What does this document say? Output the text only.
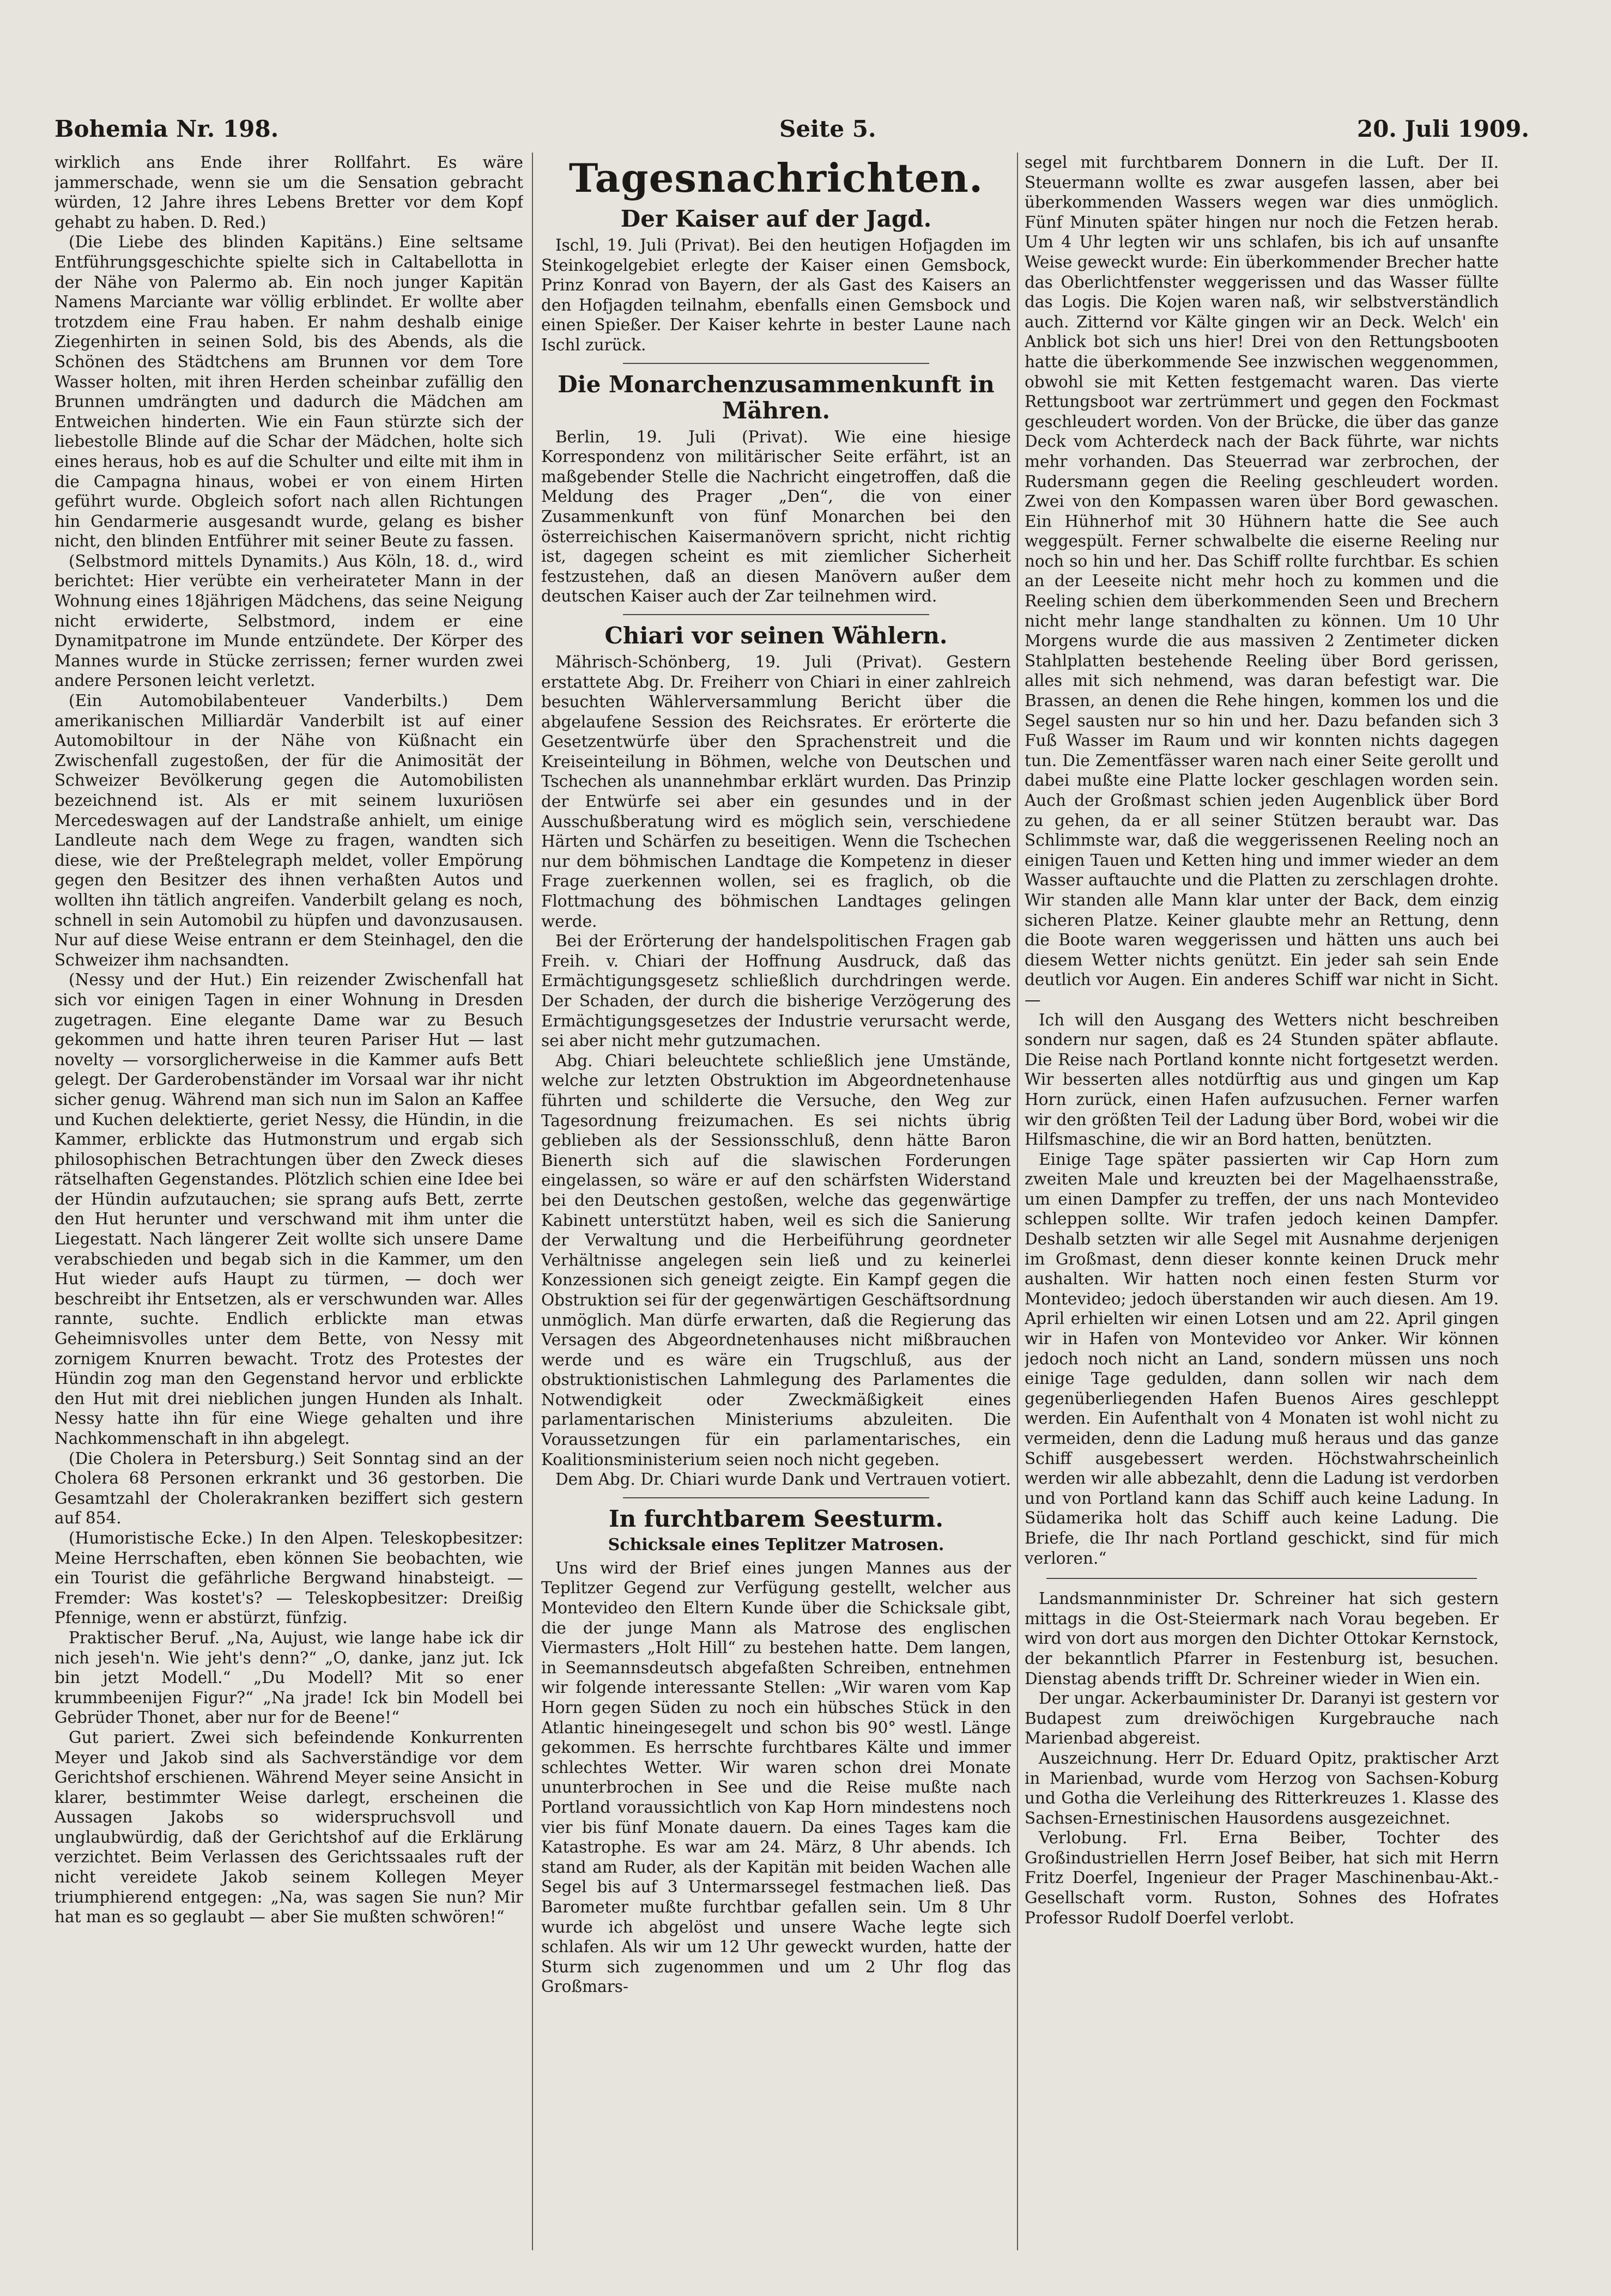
Bohemia Nr. 198.	Seite 5.	20. Juli 1909.

wirklich ans Ende ihrer Rollfahrt. Es wäre jammerschade, wenn sie um die Sensation gebracht würden, 12 Jahre ihres Lebens Bretter vor dem Kopf gehabt zu haben. D. Red.)

(Die Liebe des blinden Kapitäns.) Eine seltsame Entführungsgeschichte spielte sich in Caltabellotta in der Nähe von Palermo ab. Ein noch junger Kapitän Namens Marciante war völlig erblindet. Er wollte aber trotzdem eine Frau haben. Er nahm deshalb einige Ziegenhirten in seinen Sold, bis des Abends, als die Schönen des Städtchens am Brunnen vor dem Tore Wasser holten, mit ihren Herden scheinbar zufällig den Brunnen umdrängten und dadurch die Mädchen am Entweichen hinderten. Wie ein Faun stürzte sich der liebestolle Blinde auf die Schar der Mädchen, holte sich eines heraus, hob es auf die Schulter und eilte mit ihm in die Campagna hinaus, wobei er von einem Hirten geführt wurde. Obgleich sofort nach allen Richtungen hin Gendarmerie ausgesandt wurde, gelang es bisher nicht, den blinden Entführer mit seiner Beute zu fassen.

(Selbstmord mittels Dynamits.) Aus Köln, 18. d., wird berichtet: Hier verübte ein verheirateter Mann in der Wohnung eines 18jährigen Mädchens, das seine Neigung nicht erwiderte, Selbstmord, indem er eine Dynamitpatrone im Munde entzündete. Der Körper des Mannes wurde in Stücke zerrissen; ferner wurden zwei andere Personen leicht verletzt.

(Ein Automobilabenteuer Vanderbilts.) Dem amerikanischen Milliardär Vanderbilt ist auf einer Automobiltour in der Nähe von Küßnacht ein Zwischenfall zugestoßen, der für die Animosität der Schweizer Bevölkerung gegen die Automobilisten bezeichnend ist. Als er mit seinem luxuriösen Mercedeswagen auf der Landstraße anhielt, um einige Landleute nach dem Wege zu fragen, wandten sich diese, wie der Preßtelegraph meldet, voller Empörung gegen den Besitzer des ihnen verhaßten Autos und wollten ihn tätlich angreifen. Vanderbilt gelang es noch, schnell in sein Automobil zu hüpfen und davonzusausen. Nur auf diese Weise entrann er dem Steinhagel, den die Schweizer ihm nachsandten.

(Nessy und der Hut.) Ein reizender Zwischenfall hat sich vor einigen Tagen in einer Wohnung in Dresden zugetragen. Eine elegante Dame war zu Besuch gekommen und hatte ihren teuren Pariser Hut — last novelty — vorsorglicherweise in die Kammer aufs Bett gelegt. Der Garderobenständer im Vorsaal war ihr nicht sicher genug. Während man sich nun im Salon an Kaffee und Kuchen delektierte, geriet Nessy, die Hündin, in die Kammer, erblickte das Hutmonstrum und ergab sich philosophischen Betrachtungen über den Zweck dieses rätselhaften Gegenstandes. Plötzlich schien eine Idee bei der Hündin aufzutauchen; sie sprang aufs Bett, zerrte den Hut herunter und verschwand mit ihm unter die Liegestatt. Nach längerer Zeit wollte sich unsere Dame verabschieden und begab sich in die Kammer, um den Hut wieder aufs Haupt zu türmen, — doch wer beschreibt ihr Entsetzen, als er verschwunden war. Alles rannte, suchte. Endlich erblickte man etwas Geheimnisvolles unter dem Bette, von Nessy mit zornigem Knurren bewacht. Trotz des Protestes der Hündin zog man den Gegenstand hervor und erblickte den Hut mit drei nieblichen jungen Hunden als Inhalt. Nessy hatte ihn für eine Wiege gehalten und ihre Nachkommenschaft in ihn abgelegt.

(Die Cholera in Petersburg.) Seit Sonntag sind an der Cholera 68 Personen erkrankt und 36 gestorben. Die Gesamtzahl der Cholerakranken beziffert sich gestern auf 854.

(Humoristische Ecke.) In den Alpen. Teleskopbesitzer: Meine Herrschaften, eben können Sie beobachten, wie ein Tourist die gefährliche Bergwand hinabsteigt. — Fremder: Was kostet's? — Teleskopbesitzer: Dreißig Pfennige, wenn er abstürzt, fünfzig.

Praktischer Beruf. „Na, Aujust, wie lange habe ick dir nich jeseh'n. Wie jeht's denn?“ „O, danke, janz jut. Ick bin jetzt Modell.“ „Du Modell? Mit so ener krummbeenijen Figur?“ „Na jrade! Ick bin Modell bei Gebrüder Thonet, aber nur for de Beene!“

Gut pariert. Zwei sich befeindende Konkurrenten Meyer und Jakob sind als Sachverständige vor dem Gerichtshof erschienen. Während Meyer seine Ansicht in klarer, bestimmter Weise darlegt, erscheinen die Aussagen Jakobs so widerspruchsvoll und unglaubwürdig, daß der Gerichtshof auf die Erklärung verzichtet. Beim Verlassen des Gerichtssaales ruft der nicht vereidete Jakob seinem Kollegen Meyer triumphierend entgegen: „Na, was sagen Sie nun? Mir hat man es so geglaubt — aber Sie mußten schwören!“

Tagesnachrichten.
Der Kaiser auf der Jagd.

Ischl, 19. Juli (Privat). Bei den heutigen Hofjagden im Steinkogelgebiet erlegte der Kaiser einen Gemsbock, Prinz Konrad von Bayern, der als Gast des Kaisers an den Hofjagden teilnahm, ebenfalls einen Gemsbock und einen Spießer. Der Kaiser kehrte in bester Laune nach Ischl zurück.

Die Monarchenzusammenkunft in Mähren.

Berlin, 19. Juli (Privat). Wie eine hiesige Korrespondenz von militärischer Seite erfährt, ist an maßgebender Stelle die Nachricht eingetroffen, daß die Meldung des Prager „Den“, die von einer Zusammenkunft von fünf Monarchen bei den österreichischen Kaisermanövern spricht, nicht richtig ist, dagegen scheint es mit ziemlicher Sicherheit festzustehen, daß an diesen Manövern außer dem deutschen Kaiser auch der Zar teilnehmen wird.

Chiari vor seinen Wählern.

Mährisch-Schönberg, 19. Juli (Privat). Gestern erstattete Abg. Dr. Freiherr von Chiari in einer zahlreich besuchten Wählerversammlung Bericht über die abgelaufene Session des Reichsrates. Er erörterte die Gesetzentwürfe über den Sprachenstreit und die Kreiseinteilung in Böhmen, welche von Deutschen und Tschechen als unannehmbar erklärt wurden. Das Prinzip der Entwürfe sei aber ein gesundes und in der Ausschußberatung wird es möglich sein, verschiedene Härten und Schärfen zu beseitigen. Wenn die Tschechen nur dem böhmischen Landtage die Kompetenz in dieser Frage zuerkennen wollen, sei es fraglich, ob die Flottmachung des böhmischen Landtages gelingen werde.

Bei der Erörterung der handelspolitischen Fragen gab Freih. v. Chiari der Hoffnung Ausdruck, daß das Ermächtigungsgesetz schließlich durchdringen werde. Der Schaden, der durch die bisherige Verzögerung des Ermächtigungsgesetzes der Industrie verursacht werde, sei aber nicht mehr gutzumachen.

Abg. Chiari beleuchtete schließlich jene Umstände, welche zur letzten Obstruktion im Abgeordnetenhause führten und schilderte die Versuche, den Weg zur Tagesordnung freizumachen. Es sei nichts übrig geblieben als der Sessionsschluß, denn hätte Baron Bienerth sich auf die slawischen Forderungen eingelassen, so wäre er auf den schärfsten Widerstand bei den Deutschen gestoßen, welche das gegenwärtige Kabinett unterstützt haben, weil es sich die Sanierung der Verwaltung und die Herbeiführung geordneter Verhältnisse angelegen sein ließ und zu keinerlei Konzessionen sich geneigt zeigte. Ein Kampf gegen die Obstruktion sei für der gegenwärtigen Geschäftsordnung unmöglich. Man dürfe erwarten, daß die Regierung das Versagen des Abgeordnetenhauses nicht mißbrauchen werde und es wäre ein Trugschluß, aus der obstruktionistischen Lahmlegung des Parlamentes die Notwendigkeit oder Zweckmäßigkeit eines parlamentarischen Ministeriums abzuleiten. Die Voraussetzungen für ein parlamentarisches, ein Koalitionsministerium seien noch nicht gegeben.

Dem Abg. Dr. Chiari wurde Dank und Vertrauen votiert.

In furchtbarem Seesturm.
Schicksale eines Teplitzer Matrosen.

Uns wird der Brief eines jungen Mannes aus der Teplitzer Gegend zur Verfügung gestellt, welcher aus Montevideo den Eltern Kunde über die Schicksale gibt, die der junge Mann als Matrose des englischen Viermasters „Holt Hill“ zu bestehen hatte. Dem langen, in Seemannsdeutsch abgefaßten Schreiben, entnehmen wir folgende interessante Stellen: „Wir waren vom Kap Horn gegen Süden zu noch ein hübsches Stück in den Atlantic hineingesegelt und schon bis 90° westl. Länge gekommen. Es herrschte furchtbares Kälte und immer schlechtes Wetter. Wir waren schon drei Monate ununterbrochen in See und die Reise mußte nach Portland voraussichtlich von Kap Horn mindestens noch vier bis fünf Monate dauern. Da eines Tages kam die Katastrophe. Es war am 24. März, 8 Uhr abends. Ich stand am Ruder, als der Kapitän mit beiden Wachen alle Segel bis auf 3 Untermarssegel festmachen ließ. Das Barometer mußte furchtbar gefallen sein. Um 8 Uhr wurde ich abgelöst und unsere Wache legte sich schlafen. Als wir um 12 Uhr geweckt wurden, hatte der Sturm sich zugenommen und um 2 Uhr flog das Großmars-

segel mit furchtbarem Donnern in die Luft. Der II. Steuermann wollte es zwar ausgefen lassen, aber bei überkommenden Wassers wegen war dies unmöglich. Fünf Minuten später hingen nur noch die Fetzen herab. Um 4 Uhr legten wir uns schlafen, bis ich auf unsanfte Weise geweckt wurde: Ein überkommender Brecher hatte das Oberlichtfenster weggerissen und das Wasser füllte das Logis. Die Kojen waren naß, wir selbstverständlich auch. Zitternd vor Kälte gingen wir an Deck. Welch' ein Anblick bot sich uns hier! Drei von den Rettungsbooten hatte die überkommende See inzwischen weggenommen, obwohl sie mit Ketten festgemacht waren. Das vierte Rettungsboot war zertrümmert und gegen den Fockmast geschleudert worden. Von der Brücke, die über das ganze Deck vom Achterdeck nach der Back führte, war nichts mehr vorhanden. Das Steuerrad war zerbrochen, der Rudersmann gegen die Reeling geschleudert worden. Zwei von den Kompassen waren über Bord gewaschen. Ein Hühnerhof mit 30 Hühnern hatte die See auch weggespült. Ferner schwalbelte die eiserne Reeling nur noch so hin und her. Das Schiff rollte furchtbar. Es schien an der Leeseite nicht mehr hoch zu kommen und die Reeling schien dem überkommenden Seen und Brechern nicht mehr lange standhalten zu können. Um 10 Uhr Morgens wurde die aus massiven 2 Zentimeter dicken Stahlplatten bestehende Reeling über Bord gerissen, alles mit sich nehmend, was daran befestigt war. Die Brassen, an denen die Rehe hingen, kommen los und die Segel sausten nur so hin und her. Dazu befanden sich 3 Fuß Wasser im Raum und wir konnten nichts dagegen tun. Die Zementfässer waren nach einer Seite gerollt und dabei mußte eine Platte locker geschlagen worden sein. Auch der Großmast schien jeden Augenblick über Bord zu gehen, da er all seiner Stützen beraubt war. Das Schlimmste war, daß die weggerissenen Reeling noch an einigen Tauen und Ketten hing und immer wieder an dem Wasser auftauchte und die Platten zu zerschlagen drohte. Wir standen alle Mann klar unter der Back, dem einzig sicheren Platze. Keiner glaubte mehr an Rettung, denn die Boote waren weggerissen und hätten uns auch bei diesem Wetter nichts genützt. Ein jeder sah sein Ende deutlich vor Augen. Ein anderes Schiff war nicht in Sicht. —

Ich will den Ausgang des Wetters nicht beschreiben sondern nur sagen, daß es 24 Stunden später abflaute. Die Reise nach Portland konnte nicht fortgesetzt werden. Wir besserten alles notdürftig aus und gingen um Kap Horn zurück, einen Hafen aufzusuchen. Ferner warfen wir den größten Teil der Ladung über Bord, wobei wir die Hilfsmaschine, die wir an Bord hatten, benützten.

Einige Tage später passierten wir Cap Horn zum zweiten Male und kreuzten bei der Magelhaensstraße, um einen Dampfer zu treffen, der uns nach Montevideo schleppen sollte. Wir trafen jedoch keinen Dampfer. Deshalb setzten wir alle Segel mit Ausnahme derjenigen im Großmast, denn dieser konnte keinen Druck mehr aushalten. Wir hatten noch einen festen Sturm vor Montevideo; jedoch überstanden wir auch diesen. Am 19. April erhielten wir einen Lotsen und am 22. April gingen wir in Hafen von Montevideo vor Anker. Wir können jedoch noch nicht an Land, sondern müssen uns noch einige Tage gedulden, dann sollen wir nach dem gegenüberliegenden Hafen Buenos Aires geschleppt werden. Ein Aufenthalt von 4 Monaten ist wohl nicht zu vermeiden, denn die Ladung muß heraus und das ganze Schiff ausgebessert werden. Höchstwahrscheinlich werden wir alle abbezahlt, denn die Ladung ist verdorben und von Portland kann das Schiff auch keine Ladung. In Südamerika holt das Schiff auch keine Ladung. Die Briefe, die Ihr nach Portland geschickt, sind für mich verloren.“

Landsmannminister Dr. Schreiner hat sich gestern mittags in die Ost-Steiermark nach Vorau begeben. Er wird von dort aus morgen den Dichter Ottokar Kernstock, der bekanntlich Pfarrer in Festenburg ist, besuchen. Dienstag abends trifft Dr. Schreiner wieder in Wien ein.

Der ungar. Ackerbauminister Dr. Daranyi ist gestern vor Budapest zum dreiwöchigen Kurgebrauche nach Marienbad abgereist.

Auszeichnung. Herr Dr. Eduard Opitz, praktischer Arzt in Marienbad, wurde vom Herzog von Sachsen-Koburg und Gotha die Verleihung des Ritterkreuzes 1. Klasse des Sachsen-Ernestinischen Hausordens ausgezeichnet.

Verlobung. Frl. Erna Beiber, Tochter des Großindustriellen Herrn Josef Beiber, hat sich mit Herrn Fritz Doerfel, Ingenieur der Prager Maschinenbau-Akt.-Gesellschaft vorm. Ruston, Sohnes des Hofrates Professor Rudolf Doerfel verlobt.
